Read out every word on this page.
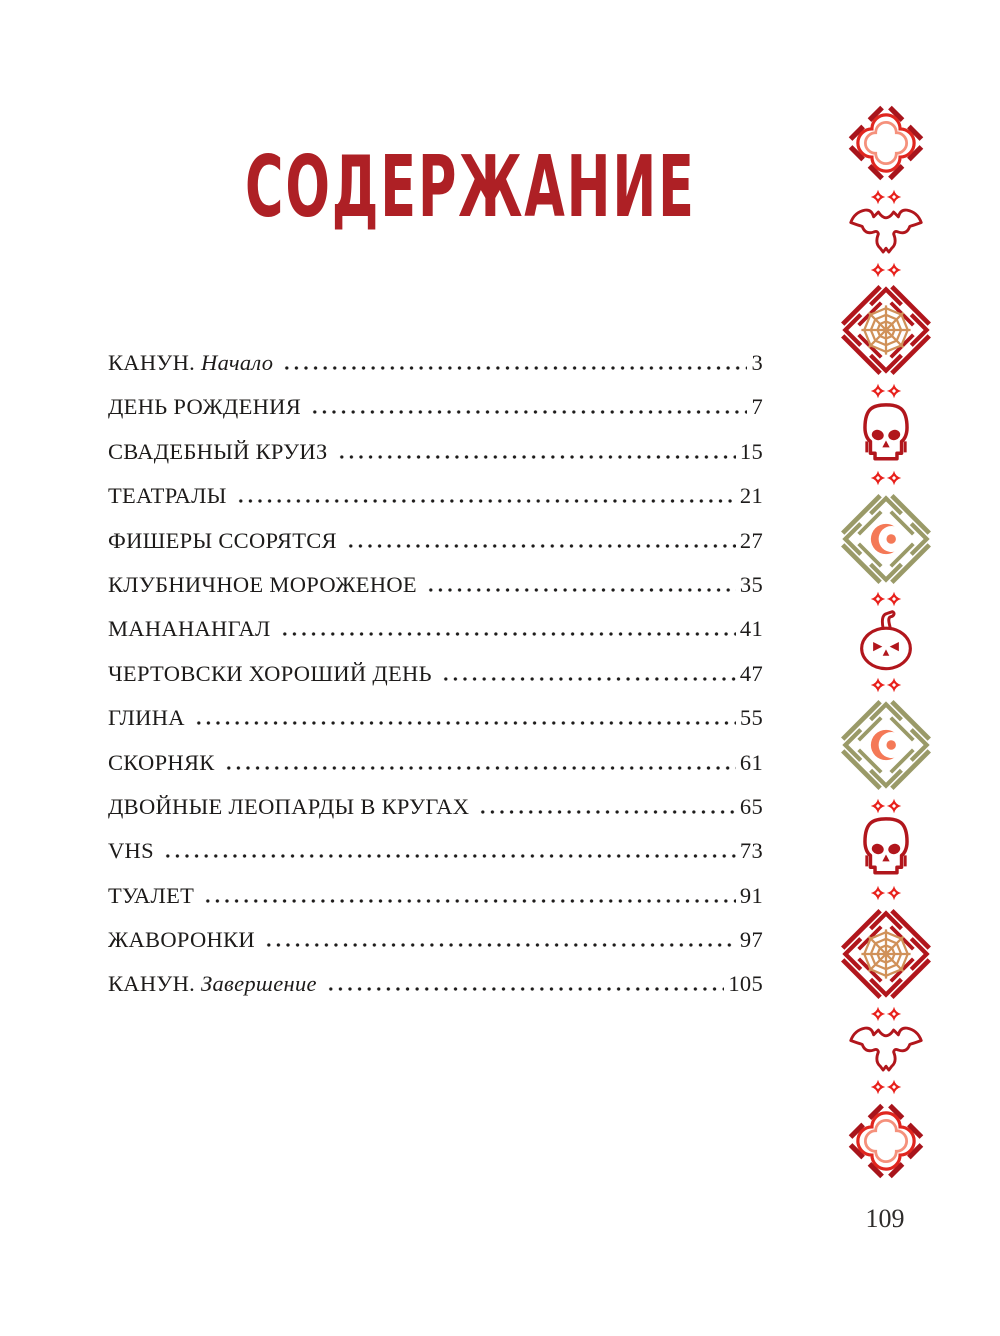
СОДЕРЖАНИЕ
КАНУН. Начало	3
ДЕНЬ РОЖДЕНИЯ	7
СВАДЕБНЫЙ КРУИЗ	15
ТЕАТРАЛЫ	21
ФИШЕРЫ ССОРЯТСЯ	27
КЛУБНИЧНОЕ МОРОЖЕНОЕ	35
МАНАНАНГАЛ	41
ЧЕРТОВСКИ ХОРОШИЙ ДЕНЬ	47
ГЛИНА	55
СКОРНЯК	61
ДВОЙНЫЕ ЛЕОПАРДЫ В КРУГАХ	65
VHS	73
ТУАЛЕТ	91
ЖАВОРОНКИ	97
КАНУН. Завершение	105
109
